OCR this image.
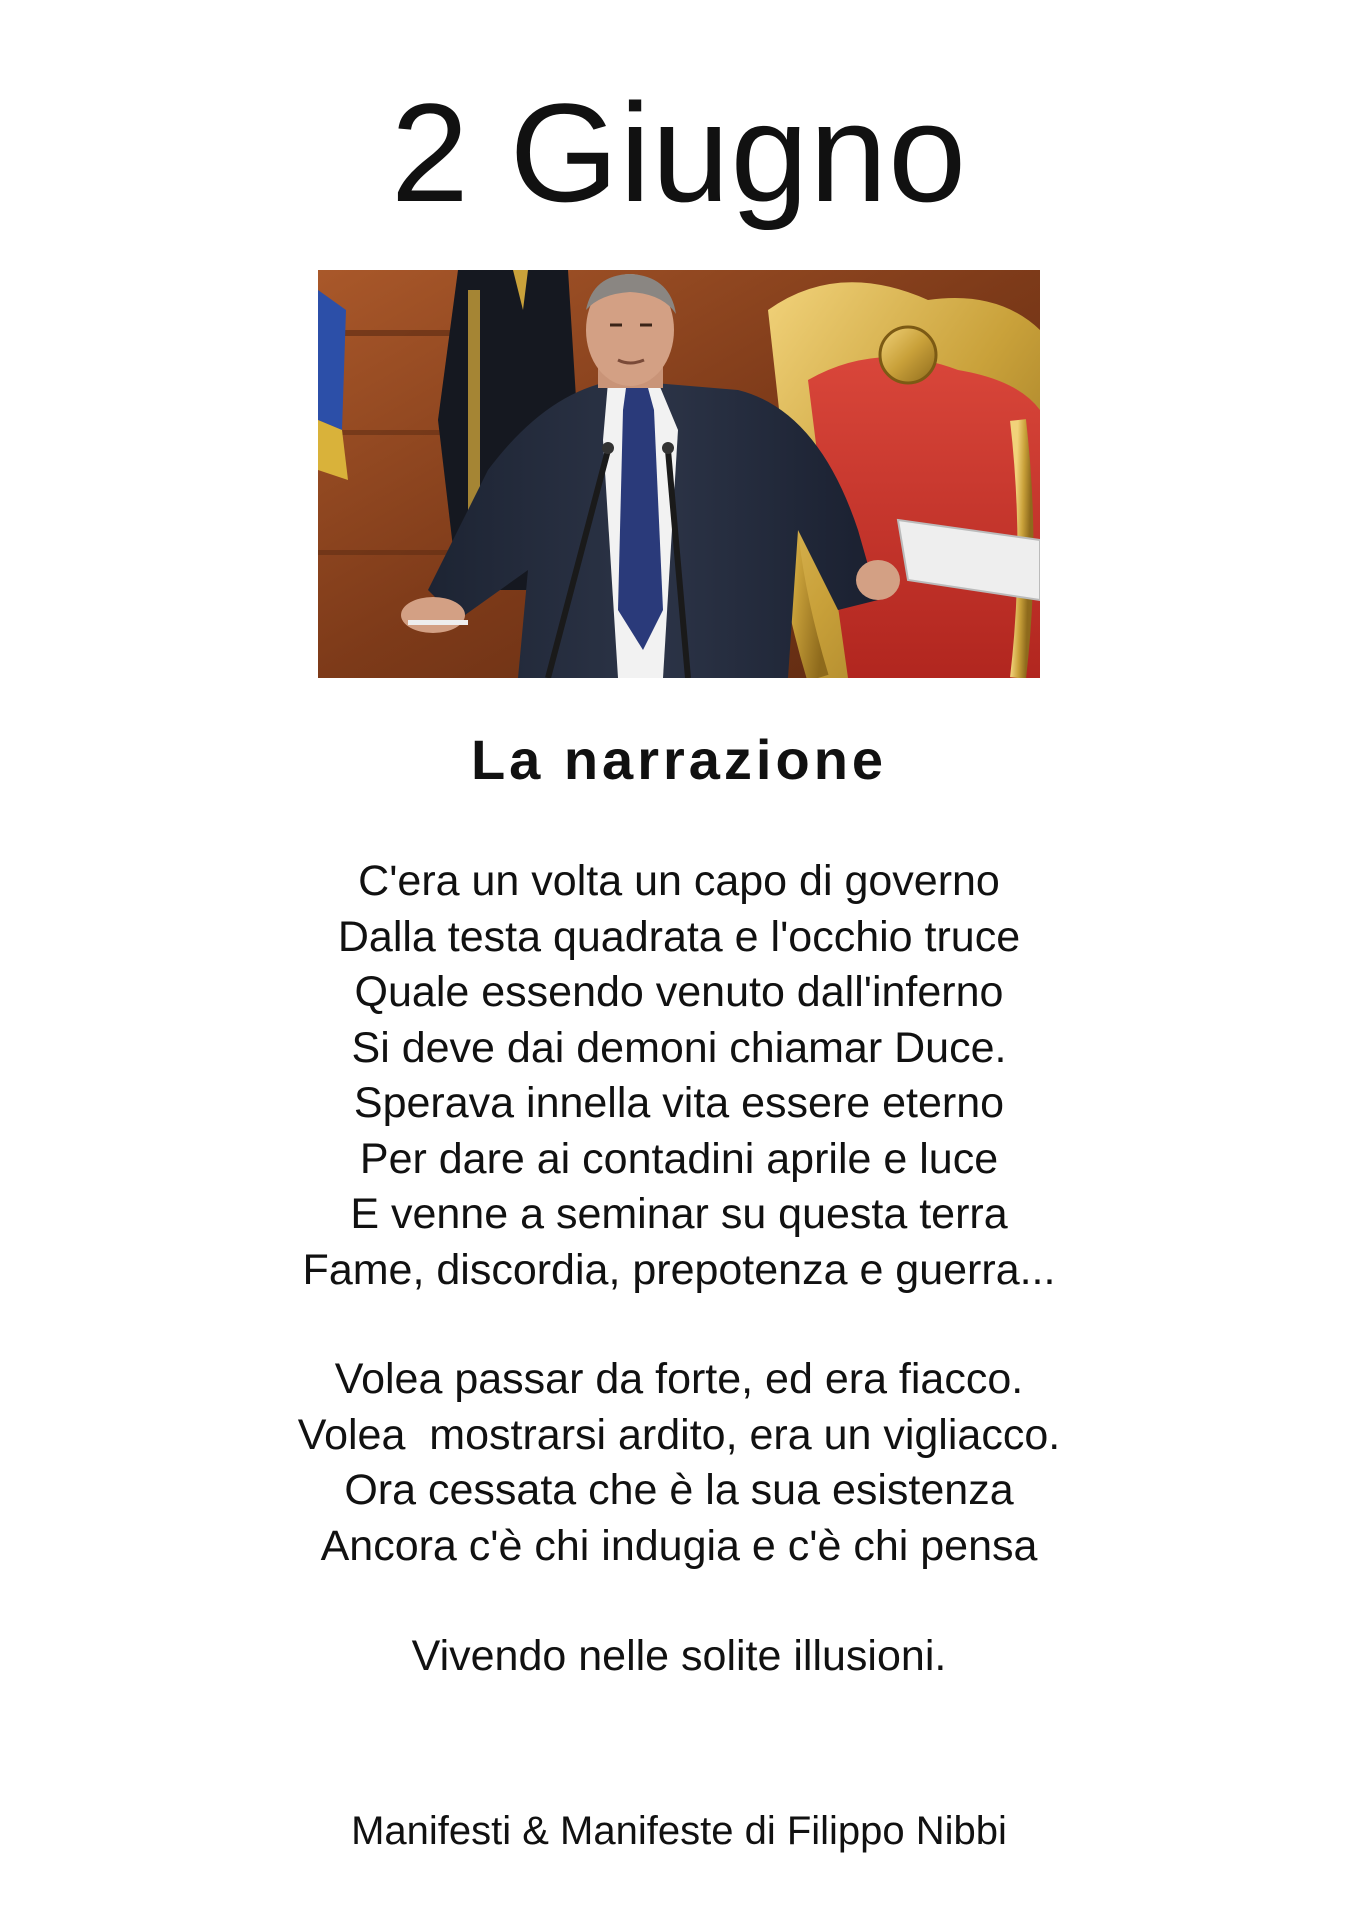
2 Giugno
La narrazione

C'era un volta un capo di governo
Dalla testa quadrata e l'occhio truce
Quale essendo venuto dall'inferno
Si deve dai demoni chiamar Duce.
Sperava innella vita essere eterno
Per dare ai contadini aprile e luce
E venne a seminar su questa terra
Fame, discordia, prepotenza e guerra...

Volea passar da forte, ed era fiacco.
Volea  mostrarsi ardito, era un vigliacco.
Ora cessata che è la sua esistenza
Ancora c'è chi indugia e c'è chi pensa

Vivendo nelle solite illusioni.

Manifesti & Manifeste di Filippo Nibbi
